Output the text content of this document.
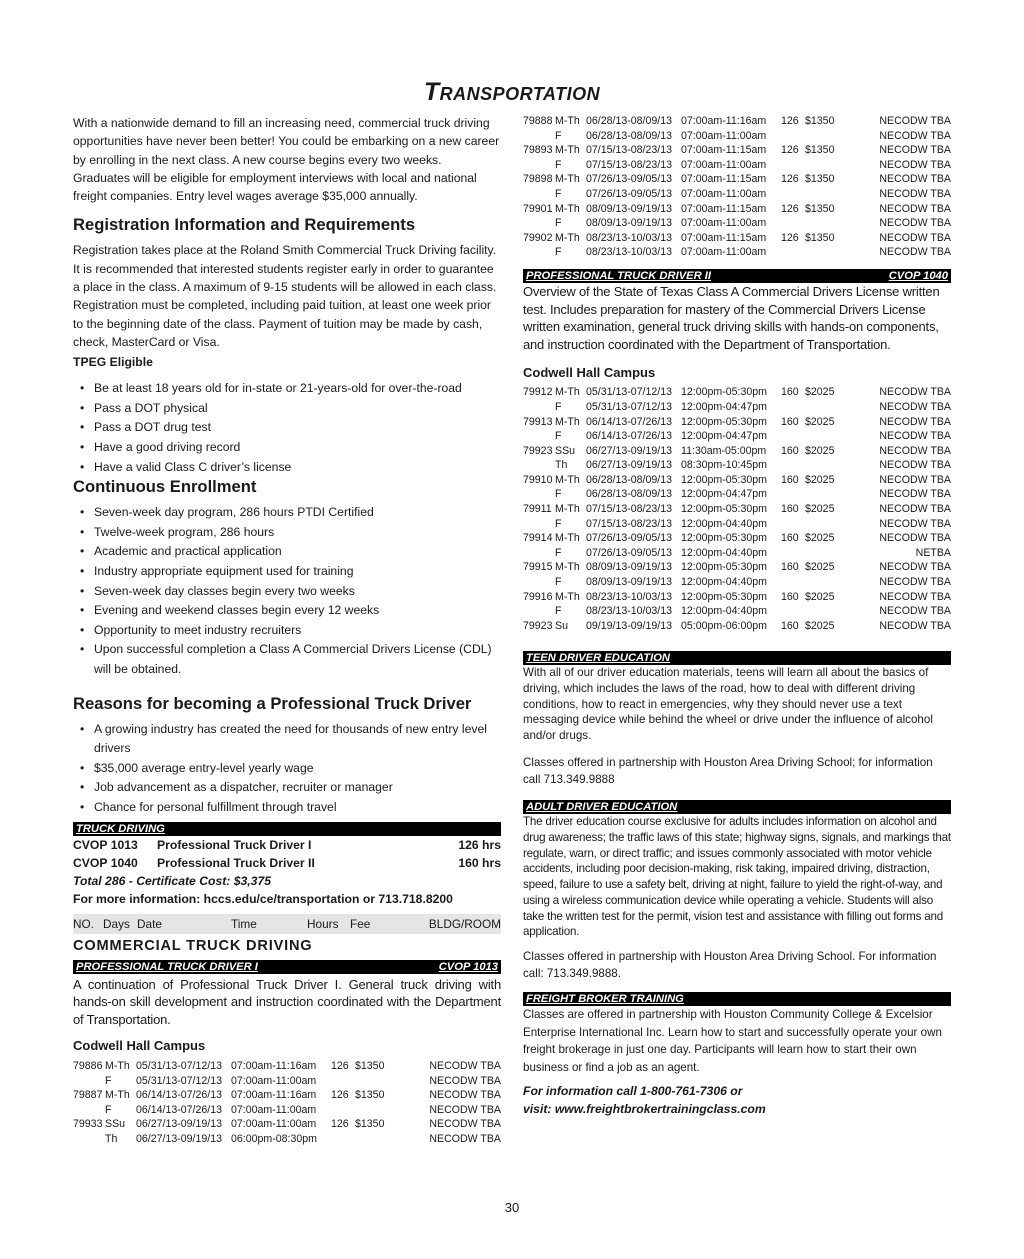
Transportation

With a nationwide demand to fill an increasing need, commercial truck driving opportunities have never been better! You could be embarking on a new career by enrolling in the next class. A new course begins every two weeks. Graduates will be eligible for employment interviews with local and national freight companies. Entry level wages average $35,000 annually.

Registration Information and Requirements

Registration takes place at the Roland Smith Commercial Truck Driving facility. It is recommended that interested students register early in order to guarantee a place in the class. A maximum of 9-15 students will be allowed in each class. Registration must be completed, including paid tuition, at least one week prior to the beginning date of the class. Payment of tuition may be made by cash, check, MasterCard or Visa.

TPEG Eligible

• Be at least 18 years old for in-state or 21-years-old for over-the-road
• Pass a DOT physical
• Pass a DOT drug test
• Have a good driving record
• Have a valid Class C driver’s license
Continuous Enrollment
• Seven-week day program, 286 hours PTDI Certified
• Twelve-week program, 286 hours
• Academic and practical application
• Industry appropriate equipment used for training
• Seven-week day classes begin every two weeks
• Evening and weekend classes begin every 12 weeks
• Opportunity to meet industry recruiters
• Upon successful completion a Class A Commercial Drivers License (CDL) will be obtained.
Reasons for becoming a Professional Truck Driver
• A growing industry has created the need for thousands of new entry level drivers
• $35,000 average entry-level yearly wage
• Job advancement as a dispatcher, recruiter or manager
• Chance for personal fulfillment through travel
TRUCK DRIVING
CVOP 1013	Professional Truck Driver I	126 hrs
CVOP 1040	Professional Truck Driver II	160 hrs
Total 286 - Certificate Cost: $3,375
For more information: hccs.edu/ce/transportation or 713.718.8200
NO. Days Date	Time	Hours Fee	BLDG/ROOM
COMMERCIAL TRUCK DRIVING
PROFESSIONAL TRUCK DRIVER I	CVOP 1013

A continuation of Professional Truck Driver I. General truck driving with hands-on skill development and instruction coordinated with the Department of Transportation.

Codwell Hall Campus
79886 M-Th 05/31/13-07/12/13 07:00am-11:16am	126 $1350	NECODW TBA
F	05/31/13-07/12/13 07:00am-11:00am	NECODW TBA
79887 M-Th 06/14/13-07/26/13 07:00am-11:16am	126 $1350	NECODW TBA
F	06/14/13-07/26/13 07:00am-11:00am	NECODW TBA
79933 SSu	06/27/13-09/19/13 07:00am-11:00am	126 $1350	NECODW TBA
Th	06/27/13-09/19/13 06:00pm-08:30pm	NECODW TBA
79888 M-Th 06/28/13-08/09/13 07:00am-11:16am	126 $1350	NECODW TBA
F	06/28/13-08/09/13 07:00am-11:00am	NECODW TBA
79893 M-Th 07/15/13-08/23/13 07:00am-11:15am	126 $1350	NECODW TBA
F	07/15/13-08/23/13 07:00am-11:00am	NECODW TBA
79898 M-Th 07/26/13-09/05/13 07:00am-11:15am	126 $1350	NECODW TBA
F	07/26/13-09/05/13 07:00am-11:00am	NECODW TBA
79901 M-Th 08/09/13-09/19/13 07:00am-11:15am	126 $1350	NECODW TBA
F	08/09/13-09/19/13 07:00am-11:00am	NECODW TBA
79902 M-Th 08/23/13-10/03/13 07:00am-11:15am	126 $1350	NECODW TBA
F	08/23/13-10/03/13 07:00am-11:00am	NECODW TBA
PROFESSIONAL TRUCK DRIVER II	CVOP 1040

Overview of the State of Texas Class A Commercial Drivers License written test. Includes preparation for mastery of the Commercial Drivers License written examination, general truck driving skills with hands-on components, and instruction coordinated with the Department of Transportation.

Codwell Hall Campus
79912 M-Th 05/31/13-07/12/13 12:00pm-05:30pm	160 $2025	NECODW TBA
F	05/31/13-07/12/13 12:00pm-04:47pm	NECODW TBA
79913 M-Th 06/14/13-07/26/13 12:00pm-05:30pm	160 $2025	NECODW TBA
F	06/14/13-07/26/13 12:00pm-04:47pm	NECODW TBA
79923 SSu	06/27/13-09/19/13 11:30am-05:00pm	160 $2025	NECODW TBA
Th	06/27/13-09/19/13 08:30pm-10:45pm	NECODW TBA
79910 M-Th 06/28/13-08/09/13 12:00pm-05:30pm	160 $2025	NECODW TBA
F	06/28/13-08/09/13 12:00pm-04:47pm	NECODW TBA
79911 M-Th 07/15/13-08/23/13 12:00pm-05:30pm	160 $2025	NECODW TBA
F	07/15/13-08/23/13 12:00pm-04:40pm	NECODW TBA
79914 M-Th 07/26/13-09/05/13 12:00pm-05:30pm	160 $2025	NECODW TBA
F	07/26/13-09/05/13 12:00pm-04:40pm	NETBA
79915 M-Th 08/09/13-09/19/13 12:00pm-05:30pm	160 $2025	NECODW TBA
F	08/09/13-09/19/13 12:00pm-04:40pm	NECODW TBA
79916 M-Th 08/23/13-10/03/13 12:00pm-05:30pm	160 $2025	NECODW TBA
F	08/23/13-10/03/13 12:00pm-04:40pm	NECODW TBA
79923 Su	09/19/13-09/19/13 05:00pm-06:00pm	160 $2025	NECODW TBA
TEEN DRIVER EDUCATION

With all of our driver education materials, teens will learn all about the basics of driving, which includes the laws of the road, how to deal with different driving conditions, how to react in emergencies, why they should never use a text messaging device while behind the wheel or drive under the influence of alcohol and/or drugs.

Classes offered in partnership with Houston Area Driving School; for information call 713.349.9888

ADULT DRIVER EDUCATION

The driver education course exclusive for adults includes information on alcohol and drug awareness; the traffic laws of this state; highway signs, signals, and markings that regulate, warn, or direct traffic; and issues commonly associated with motor vehicle accidents, including poor decision-making, risk taking, impaired driving, distraction, speed, failure to use a safety belt, driving at night, failure to yield the right-of-way, and using a wireless communication device while operating a vehicle. Students will also take the written test for the permit, vision test and assistance with filling out forms and application.

Classes offered in partnership with Houston Area Driving School. For information call: 713.349.9888.

FREIGHT BROKER TRAINING

Classes are offered in partnership with Houston Community College & Excelsior Enterprise International Inc. Learn how to start and successfully operate your own freight brokerage in just one day. Participants will learn how to start their own business or find a job as an agent.

For information call 1-800-761-7306 or
visit: www.freightbrokertrainingclass.com
30
